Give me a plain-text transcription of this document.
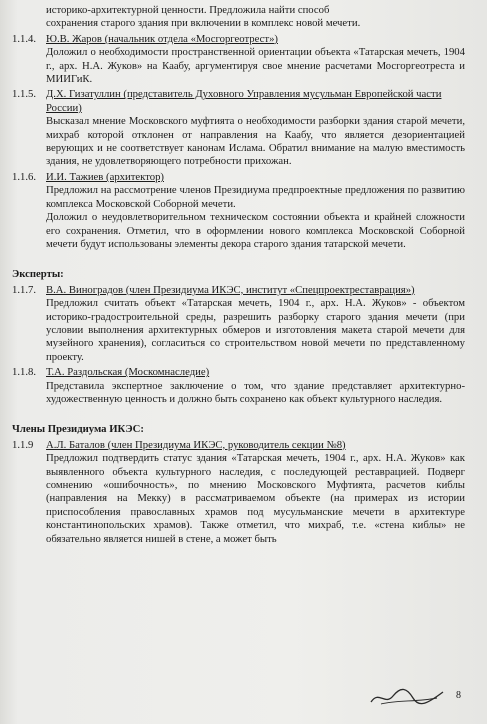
историко-архитектурной ценности. Предложила найти способ

сохранения старого здания при включении в комплекс новой мечети.

1.1.4. Ю.В. Жаров (начальник отдела «Мосгоргеотрест»)

Доложил о необходимости пространственной ориентации объекта «Татарская мечеть, 1904 г., арх. Н.А. Жуков» на Каабу, аргументируя свое мнение расчетами Мосгоргеотреста и МИИГиК.

1.1.5. Д.Х. Гизатуллин (представитель Духовного Управления мусульман Европейской части России)

Высказал мнение Московского муфтията о необходимости разборки здания старой мечети, михраб которой отклонен от направления на Каабу, что является дезориентацией верующих и не соответствует канонам Ислама. Обратил внимание на малую вместимость здания, не удовлетворяющего потребности прихожан.

1.1.6. И.И. Тажиев (архитектор)

Предложил на рассмотрение членов Президиума предпроектные предложения по развитию комплекса Московской Соборной мечети.

Доложил о неудовлетворительном техническом состоянии объекта и крайней сложности его сохранения. Отметил, что в оформлении нового комплекса Московской Соборной мечети будут использованы элементы декора старого здания татарской мечети.

Эксперты:

1.1.7. В.А. Виноградов (член Президиума ИКЭС, институт «Спецпроектреставрация»)

Предложил считать объект «Татарская мечеть, 1904 г., арх. Н.А. Жуков» - объектом историко-градостроительной среды, разрешить разборку старого здания мечети (при условии выполнения архитектурных обмеров и изготовления макета старой мечети для музейного хранения), согласиться со строительством новой мечети по представленному проекту.

1.1.8. Т.А. Раздольская (Москомнаследие)

Представила экспертное заключение о том, что здание представляет архитектурно-художественную ценность и должно быть сохранено как объект культурного наследия.

Члены Президиума ИКЭС:

1.1.9	А.Л. Баталов (член Президиума ИКЭС, руководитель секции №8)

Предложил подтвердить статус здания «Татарская мечеть, 1904 г., арх. Н.А. Жуков» как выявленного объекта культурного наследия, с последующей реставрацией. Подверг сомнению «ошибочность», по мнению Московского Муфтията, расчетов киблы (направления на Мекку) в рассматриваемом объекте (на примерах из истории приспособления православных храмов под мусульманские мечети в архитектуре константинопольских храмов). Также отметил, что михраб, т.е. «стена киблы» не обязательно является нишей в стене, а может быть

8
